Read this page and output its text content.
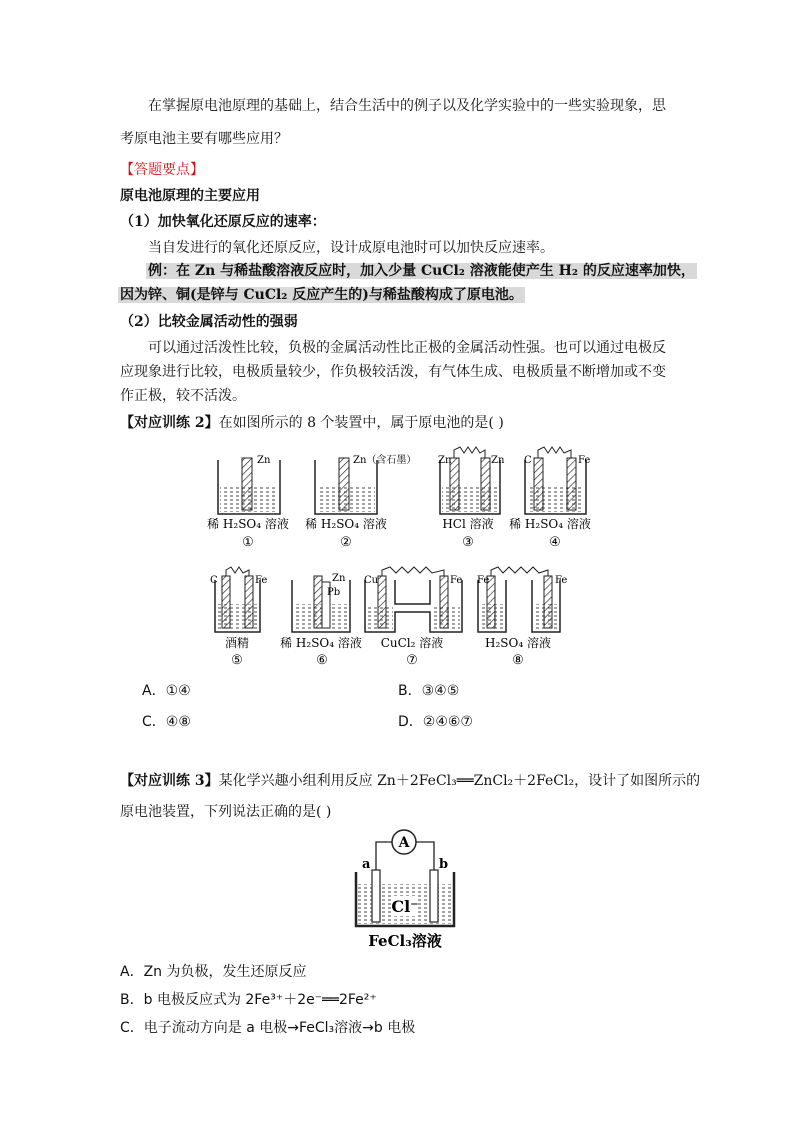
在掌握原电池原理的基础上，结合生活中的例子以及化学实验中的一些实验现象，思
考原电池主要有哪些应用？
【答题要点】
原电池原理的主要应用
（1）加快氧化还原反应的速率：
当自发进行的氧化还原反应，设计成原电池时可以加快反应速率。
例：在 Zn 与稀盐酸溶液反应时，加入少量 CuCl₂ 溶液能使产生 H₂ 的反应速率加快，
因为锌、铜(是锌与 CuCl₂ 反应产生的)与稀盐酸构成了原电池。
（2）比较金属活动性的强弱
可以通过活泼性比较，负极的金属活动性比正极的金属活动性强。也可以通过电极反
应现象进行比较，电极质量较少，作负极较活泼，有气体生成、电极质量不断增加或不变
作正极，较不活泼。
【对应训练 2】在如图所示的 8 个装置中，属于原电池的是( )
Zn
稀 H₂SO₄ 溶液
①
Zn（含石墨）
稀 H₂SO₄ 溶液
②
Zn	Zn
HCl 溶液
③
C	Fe
稀 H₂SO₄ 溶液
④
C	Fe
酒精
⑤
Zn
Pb
稀 H₂SO₄ 溶液
⑥
Cu	Fe
CuCl₂ 溶液
⑦
Fe	Fe
H₂SO₄ 溶液
⑧
A．①④	B．③④⑤
C．④⑧	D．②④⑥⑦
【对应训练 3】某化学兴趣小组利用反应 Zn＋2FeCl₃══ZnCl₂＋2FeCl₂，设计了如图所示的
原电池装置，下列说法正确的是( )
A
a	b
Cl⁻
FeCl₃溶液
A．Zn 为负极，发生还原反应
B．b 电极反应式为 2Fe³⁺＋2e⁻══2Fe²⁺
C．电子流动方向是 a 电极→FeCl₃溶液→b 电极
